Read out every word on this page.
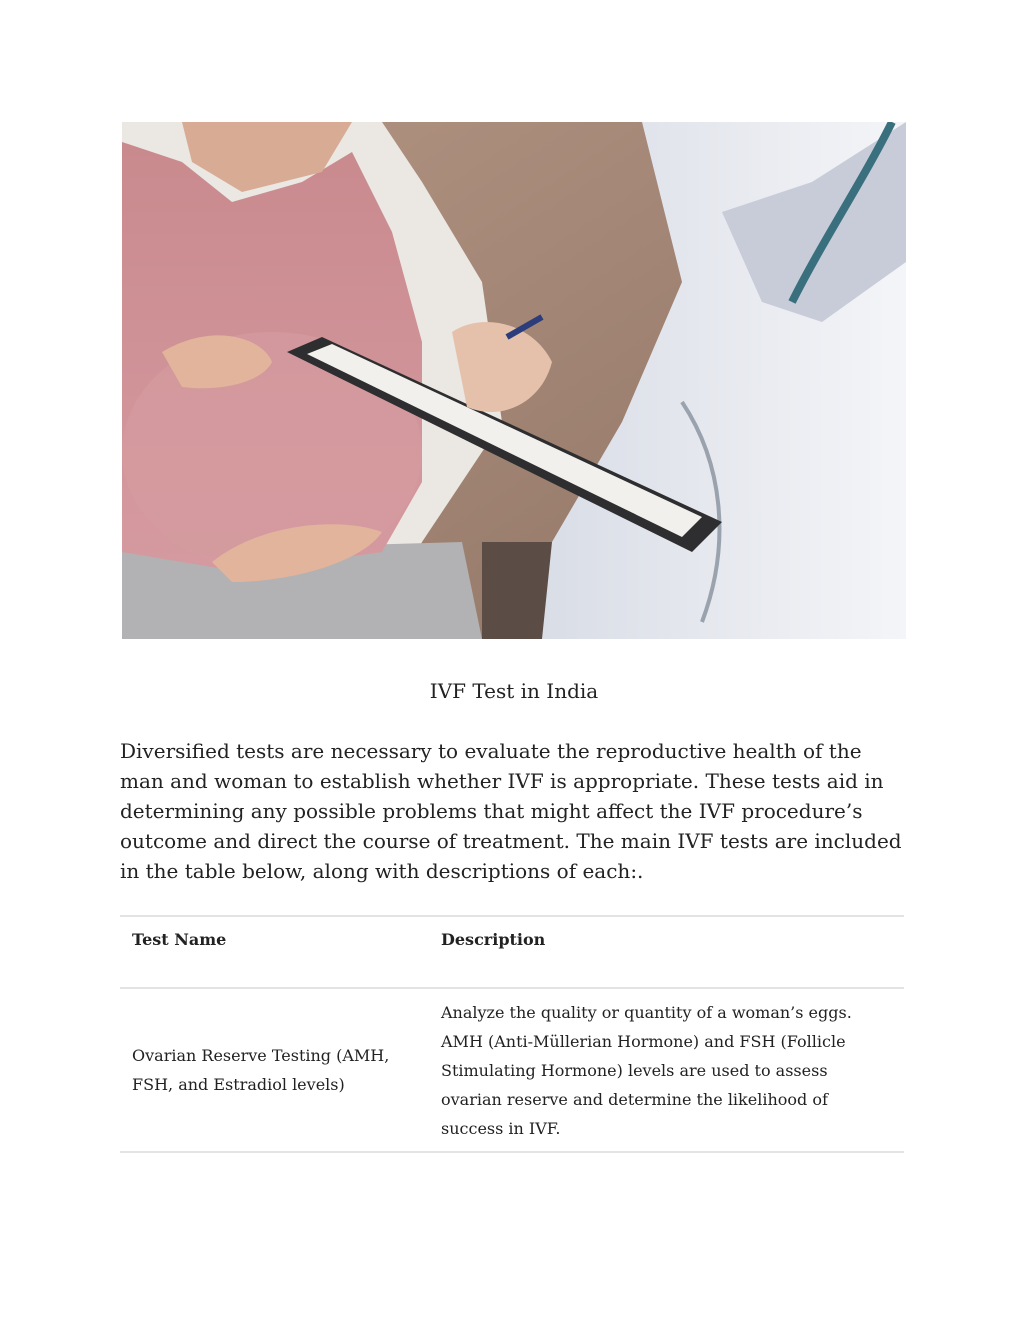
IVF Test in India

Diversified tests are necessary to evaluate the reproductive health of the man and woman to establish whether IVF is appropriate. These tests aid in determining any possible problems that might affect the IVF procedure’s outcome and direct the course of treatment. The main IVF tests are included in the table below, along with descriptions of each:.

Test Name	Description
Ovarian Reserve Testing (AMH, FSH, and Estradiol levels)	Analyze the quality or quantity of a woman’s eggs. AMH (Anti-Müllerian Hormone) and FSH (Follicle Stimulating Hormone) levels are used to assess ovarian reserve and determine the likelihood of success in IVF.
